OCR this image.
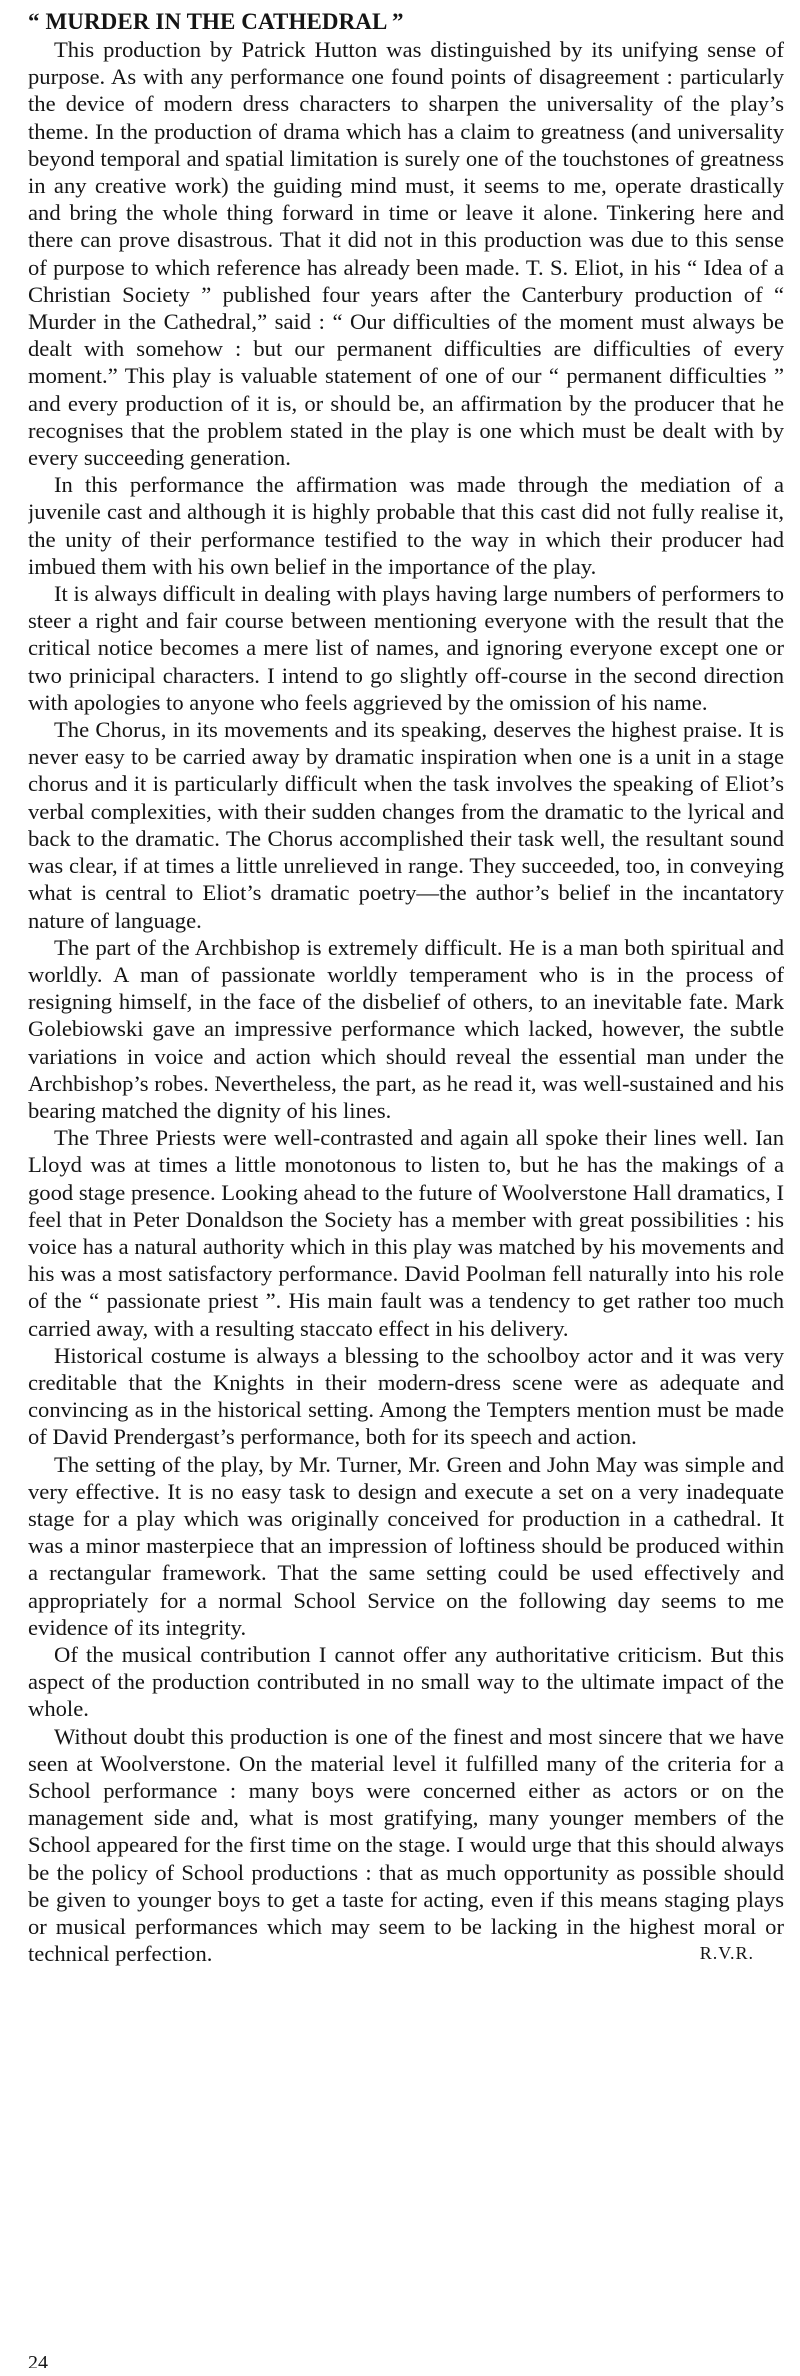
“ MURDER IN THE CATHEDRAL ”

This production by Patrick Hutton was distinguished by its unifying sense of purpose. As with any performance one found points of disagreement : particularly the device of modern dress characters to sharpen the universality of the play’s theme. In the production of drama which has a claim to greatness (and universality beyond temporal and spatial limitation is surely one of the touchstones of greatness in any creative work) the guiding mind must, it seems to me, operate drastically and bring the whole thing forward in time or leave it alone. Tinkering here and there can prove disastrous. That it did not in this production was due to this sense of purpose to which reference has already been made. T. S. Eliot, in his “ Idea of a Christian Society ” published four years after the Canterbury production of “ Murder in the Cathedral,” said : “ Our difficulties of the moment must always be dealt with somehow : but our permanent difficulties are difficulties of every moment.” This play is valuable statement of one of our “ permanent difficulties ” and every production of it is, or should be, an affirmation by the producer that he recognises that the problem stated in the play is one which must be dealt with by every succeeding generation.

In this performance the affirmation was made through the mediation of a juvenile cast and although it is highly probable that this cast did not fully realise it, the unity of their performance testified to the way in which their producer had imbued them with his own belief in the importance of the play.

It is always difficult in dealing with plays having large numbers of performers to steer a right and fair course between mentioning everyone with the result that the critical notice becomes a mere list of names, and ignoring everyone except one or two prinicipal characters. I intend to go slightly off-course in the second direction with apologies to anyone who feels aggrieved by the omission of his name.

The Chorus, in its movements and its speaking, deserves the highest praise. It is never easy to be carried away by dramatic inspiration when one is a unit in a stage chorus and it is particularly difficult when the task involves the speaking of Eliot’s verbal complexities, with their sudden changes from the dramatic to the lyrical and back to the dramatic. The Chorus accomplished their task well, the resultant sound was clear, if at times a little unrelieved in range. They succeeded, too, in conveying what is central to Eliot’s dramatic poetry—the author’s belief in the incantatory nature of language.

The part of the Archbishop is extremely difficult. He is a man both spiritual and worldly. A man of passionate worldly temperament who is in the process of resigning himself, in the face of the disbelief of others, to an inevitable fate. Mark Golebiowski gave an impressive performance which lacked, however, the subtle variations in voice and action which should reveal the essential man under the Archbishop’s robes. Nevertheless, the part, as he read it, was well-sustained and his bearing matched the dignity of his lines.

The Three Priests were well-contrasted and again all spoke their lines well. Ian Lloyd was at times a little monotonous to listen to, but he has the makings of a good stage presence. Looking ahead to the future of Woolverstone Hall dramatics, I feel that in Peter Donaldson the Society has a member with great possibilities : his voice has a natural authority which in this play was matched by his movements and his was a most satisfactory performance. David Poolman fell naturally into his role of the “ passionate priest ”. His main fault was a tendency to get rather too much carried away, with a resulting staccato effect in his delivery.

Historical costume is always a blessing to the schoolboy actor and it was very creditable that the Knights in their modern-dress scene were as adequate and convincing as in the historical setting. Among the Tempters mention must be made of David Prendergast’s performance, both for its speech and action.

The setting of the play, by Mr. Turner, Mr. Green and John May was simple and very effective. It is no easy task to design and execute a set on a very inadequate stage for a play which was originally conceived for production in a cathedral. It was a minor masterpiece that an impression of loftiness should be produced within a rectangular framework. That the same setting could be used effectively and appropriately for a normal School Service on the following day seems to me evidence of its integrity.

Of the musical contribution I cannot offer any authoritative criticism. But this aspect of the production contributed in no small way to the ultimate impact of the whole.

Without doubt this production is one of the finest and most sincere that we have seen at Woolverstone. On the material level it fulfilled many of the criteria for a School performance : many boys were concerned either as actors or on the management side and, what is most gratifying, many younger members of the School appeared for the first time on the stage. I would urge that this should always be the policy of School productions : that as much opportunity as possible should be given to younger boys to get a taste for acting, even if this means staging plays or musical performances which may seem to be lacking in the highest moral or technical perfection.	R.V.R.

24
